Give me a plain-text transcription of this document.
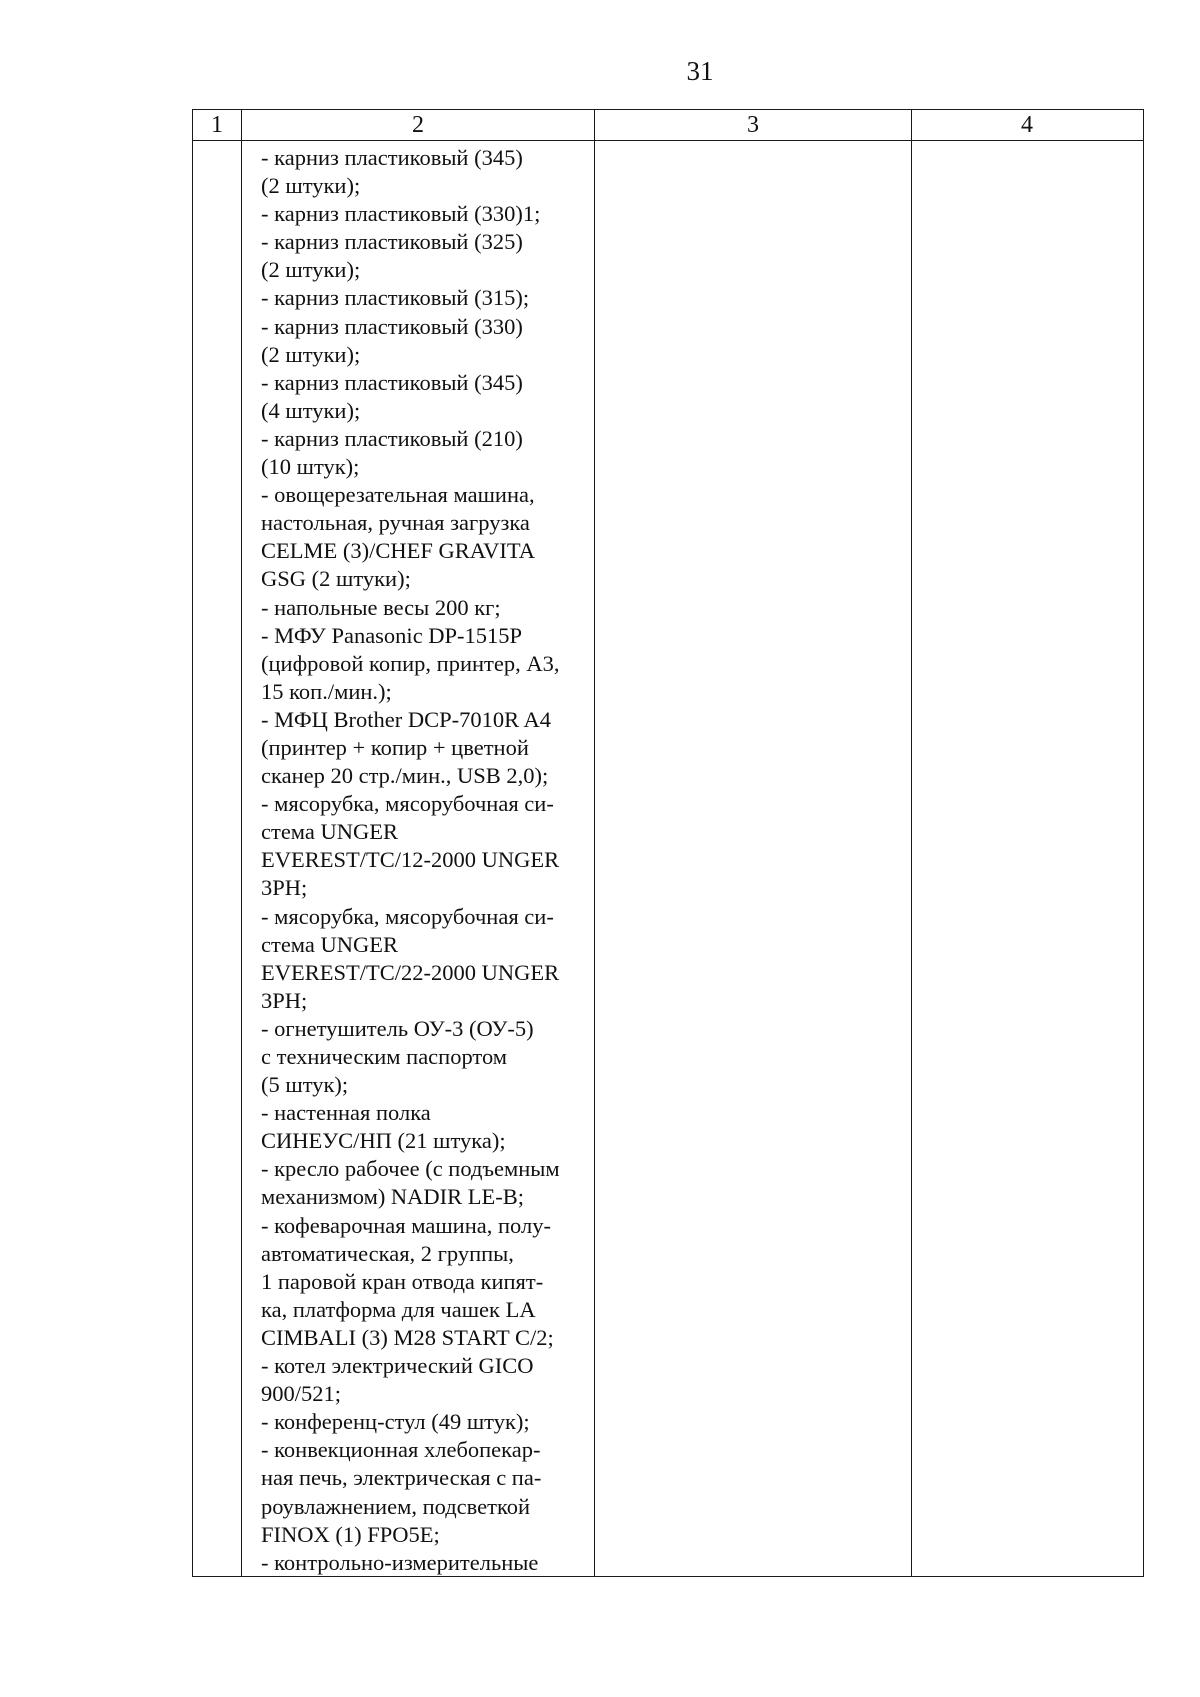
31
1	2	3	4
- карниз пластиковый (345)
(2 штуки);
- карниз пластиковый (330)1;
- карниз пластиковый (325)
(2 штуки);
- карниз пластиковый (315);
- карниз пластиковый (330)
(2 штуки);
- карниз пластиковый (345)
(4 штуки);
- карниз пластиковый (210)
(10 штук);
- овощерезательная машина,
настольная, ручная загрузка
CELME (3)/CHEF GRAVITA
GSG (2 штуки);
- напольные весы 200 кг;
- МФУ Panasonic DP-1515P
(цифровой копир, принтер, A3,
15 коп./мин.);
- МФЦ Brother DCP-7010R A4
(принтер + копир + цветной
сканер 20 стр./мин., USB 2,0);
- мясорубка, мясорубочная си-
стема UNGER
EVEREST/TC/12-2000 UNGER
3PH;
- мясорубка, мясорубочная си-
стема UNGER
EVEREST/TC/22-2000 UNGER
3PH;
- огнетушитель ОУ-3 (ОУ-5)
с техническим паспортом
(5 штук);
- настенная полка
СИНЕУС/НП (21 штука);
- кресло рабочее (с подъемным
механизмом) NADIR LE-B;
- кофеварочная машина, полу-
автоматическая, 2 группы,
1 паровой кран отвода кипят-
ка, платформа для чашек LA
CIMBALI (3) M28 START C/2;
- котел электрический GICO
900/521;
- конференц-стул (49 штук);
- конвекционная хлебопекар-
ная печь, электрическая с па-
роувлажнением, подсветкой
FINOX (1) FPO5E;
- контрольно-измерительные
